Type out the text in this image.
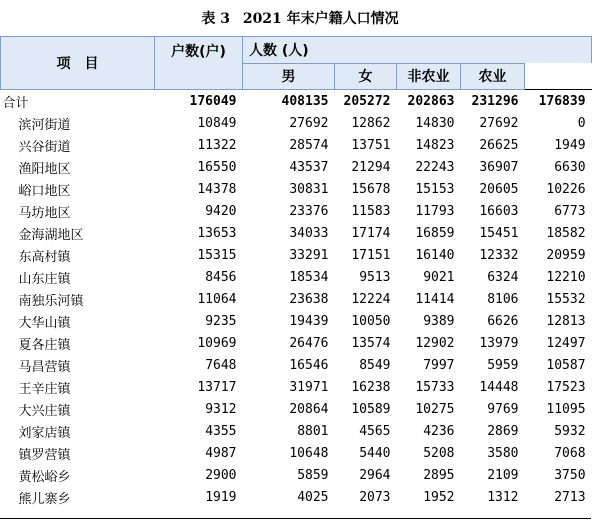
表 3 2021 年末户籍人口情况
项　目	户数(户)	人数 (人)				
		男	女	非农业	农业	
合计	176049	408135	205272	202863	231296	176839
滨河街道	10849	27692	12862	14830	27692	0
兴谷街道	11322	28574	13751	14823	26625	1949
渔阳地区	16550	43537	21294	22243	36907	6630
峪口地区	14378	30831	15678	15153	20605	10226
马坊地区	9420	23376	11583	11793	16603	6773
金海湖地区	13653	34033	17174	16859	15451	18582
东高村镇	15315	33291	17151	16140	12332	20959
山东庄镇	8456	18534	9513	9021	6324	12210
南独乐河镇	11064	23638	12224	11414	8106	15532
大华山镇	9235	19439	10050	9389	6626	12813
夏各庄镇	10969	26476	13574	12902	13979	12497
马昌营镇	7648	16546	8549	7997	5959	10587
王辛庄镇	13717	31971	16238	15733	14448	17523
大兴庄镇	9312	20864	10589	10275	9769	11095
刘家店镇	4355	8801	4565	4236	2869	5932
镇罗营镇	4987	10648	5440	5208	3580	7068
黄松峪乡	2900	5859	2964	2895	2109	3750
熊儿寨乡	1919	4025	2073	1952	1312	2713
